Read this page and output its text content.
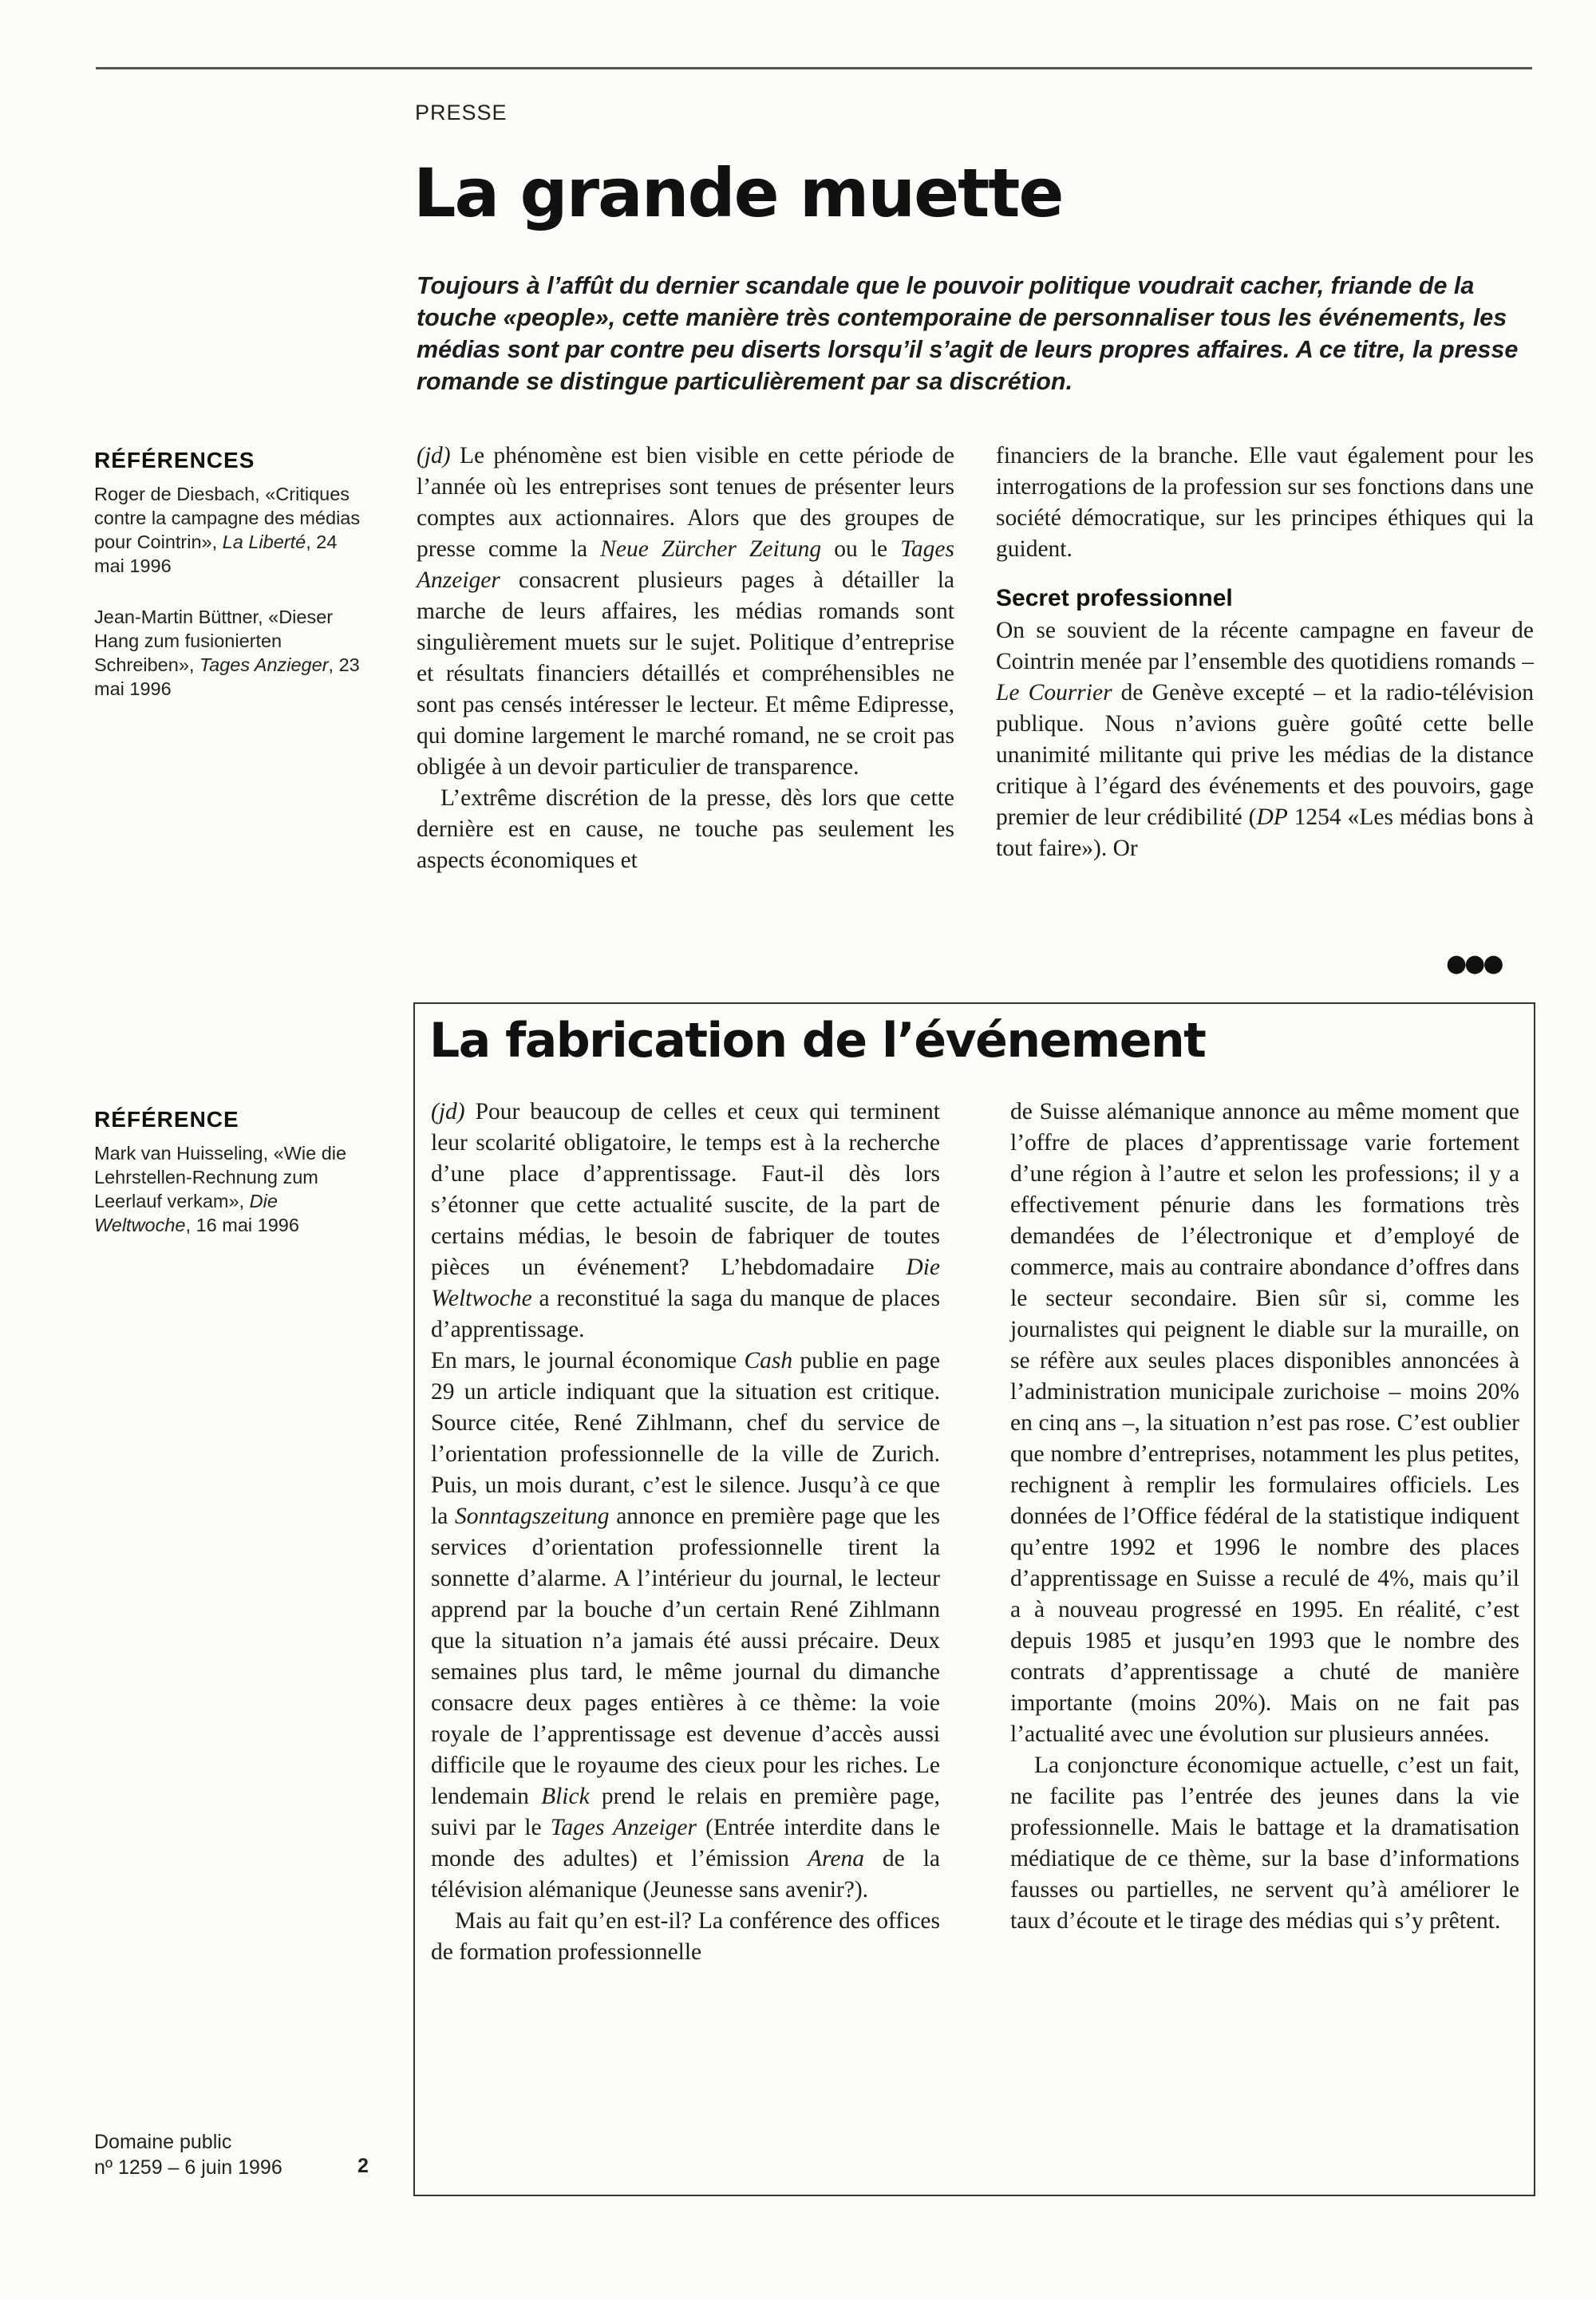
PRESSE
La grande muette

Toujours à l’affût du dernier scandale que le pouvoir politique voudrait cacher, friande de la touche «people», cette manière très contemporaine de personnaliser tous les événements, les médias sont par contre peu diserts lorsqu’il s’agit de leurs propres affaires. A ce titre, la presse romande se distingue particulièrement par sa discrétion.

RÉFÉRENCES
Roger de Diesbach, «Critiques contre la campagne des médias pour Cointrin», La Liberté, 24 mai 1996
Jean-Martin Büttner, «Dieser Hang zum fusionierten Schreiben», Tages Anzieger, 23 mai 1996
RÉFÉRENCE
Mark van Huisseling, «Wie die Lehrstellen-Rechnung zum Leerlauf verkam», Die Weltwoche, 16 mai 1996

(jd) Le phénomène est bien visible en cette période de l’année où les entreprises sont tenues de présenter leurs comptes aux actionnaires. Alors que des groupes de presse comme la Neue Zürcher Zeitung ou le Tages Anzeiger consacrent plusieurs pages à détailler la marche de leurs affaires, les médias romands sont singulièrement muets sur le sujet. Politique d’entreprise et résultats financiers détaillés et compréhensibles ne sont pas censés intéresser le lecteur. Et même Edipresse, qui domine largement le marché romand, ne se croit pas obligée à un devoir particulier de transparence.

L’extrême discrétion de la presse, dès lors que cette dernière est en cause, ne touche pas seulement les aspects économiques et

financiers de la branche. Elle vaut également pour les interrogations de la profession sur ses fonctions dans une société démocratique, sur les principes éthiques qui la guident.

Secret professionnel

On se souvient de la récente campagne en faveur de Cointrin menée par l’ensemble des quotidiens romands – Le Courrier de Genève excepté – et la radio-télévision publique. Nous n’avions guère goûté cette belle unanimité militante qui prive les médias de la distance critique à l’égard des événements et des pouvoirs, gage premier de leur crédibilité (DP 1254 «Les médias bons à tout faire»). Or

●●●
La fabrication de l’événement

(jd) Pour beaucoup de celles et ceux qui terminent leur scolarité obligatoire, le temps est à la recherche d’une place d’apprentissage. Faut-il dès lors s’étonner que cette actualité suscite, de la part de certains médias, le besoin de fabriquer de toutes pièces un événement? L’hebdomadaire Die Weltwoche a reconstitué la saga du manque de places d’apprentissage.

En mars, le journal économique Cash publie en page 29 un article indiquant que la situation est critique. Source citée, René Zihlmann, chef du service de l’orientation professionnelle de la ville de Zurich. Puis, un mois durant, c’est le silence. Jusqu’à ce que la Sonntagszeitung annonce en première page que les services d’orientation professionnelle tirent la sonnette d’alarme. A l’intérieur du journal, le lecteur apprend par la bouche d’un certain René Zihlmann que la situation n’a jamais été aussi précaire. Deux semaines plus tard, le même journal du dimanche consacre deux pages entières à ce thème: la voie royale de l’apprentissage est devenue d’accès aussi difficile que le royaume des cieux pour les riches. Le lendemain Blick prend le relais en première page, suivi par le Tages Anzeiger (Entrée interdite dans le monde des adultes) et l’émission Arena de la télévision alémanique (Jeunesse sans avenir?).

Mais au fait qu’en est-il? La conférence des offices de formation professionnelle

de Suisse alémanique annonce au même moment que l’offre de places d’apprentissage varie fortement d’une région à l’autre et selon les professions; il y a effectivement pénurie dans les formations très demandées de l’électronique et d’employé de commerce, mais au contraire abondance d’offres dans le secteur secondaire. Bien sûr si, comme les journalistes qui peignent le diable sur la muraille, on se réfère aux seules places disponibles annoncées à l’administration municipale zurichoise – moins 20% en cinq ans –, la situation n’est pas rose. C’est oublier que nombre d’entreprises, notamment les plus petites, rechignent à remplir les formulaires officiels. Les données de l’Office fédéral de la statistique indiquent qu’entre 1992 et 1996 le nombre des places d’apprentissage en Suisse a reculé de 4%, mais qu’il a à nouveau progressé en 1995. En réalité, c’est depuis 1985 et jusqu’en 1993 que le nombre des contrats d’apprentissage a chuté de manière importante (moins 20%). Mais on ne fait pas l’actualité avec une évolution sur plusieurs années.

La conjoncture économique actuelle, c’est un fait, ne facilite pas l’entrée des jeunes dans la vie professionnelle. Mais le battage et la dramatisation médiatique de ce thème, sur la base d’informations fausses ou partielles, ne servent qu’à améliorer le taux d’écoute et le tirage des médias qui s’y prêtent.

Domaine public
nº 1259 – 6 juin 1996	2
